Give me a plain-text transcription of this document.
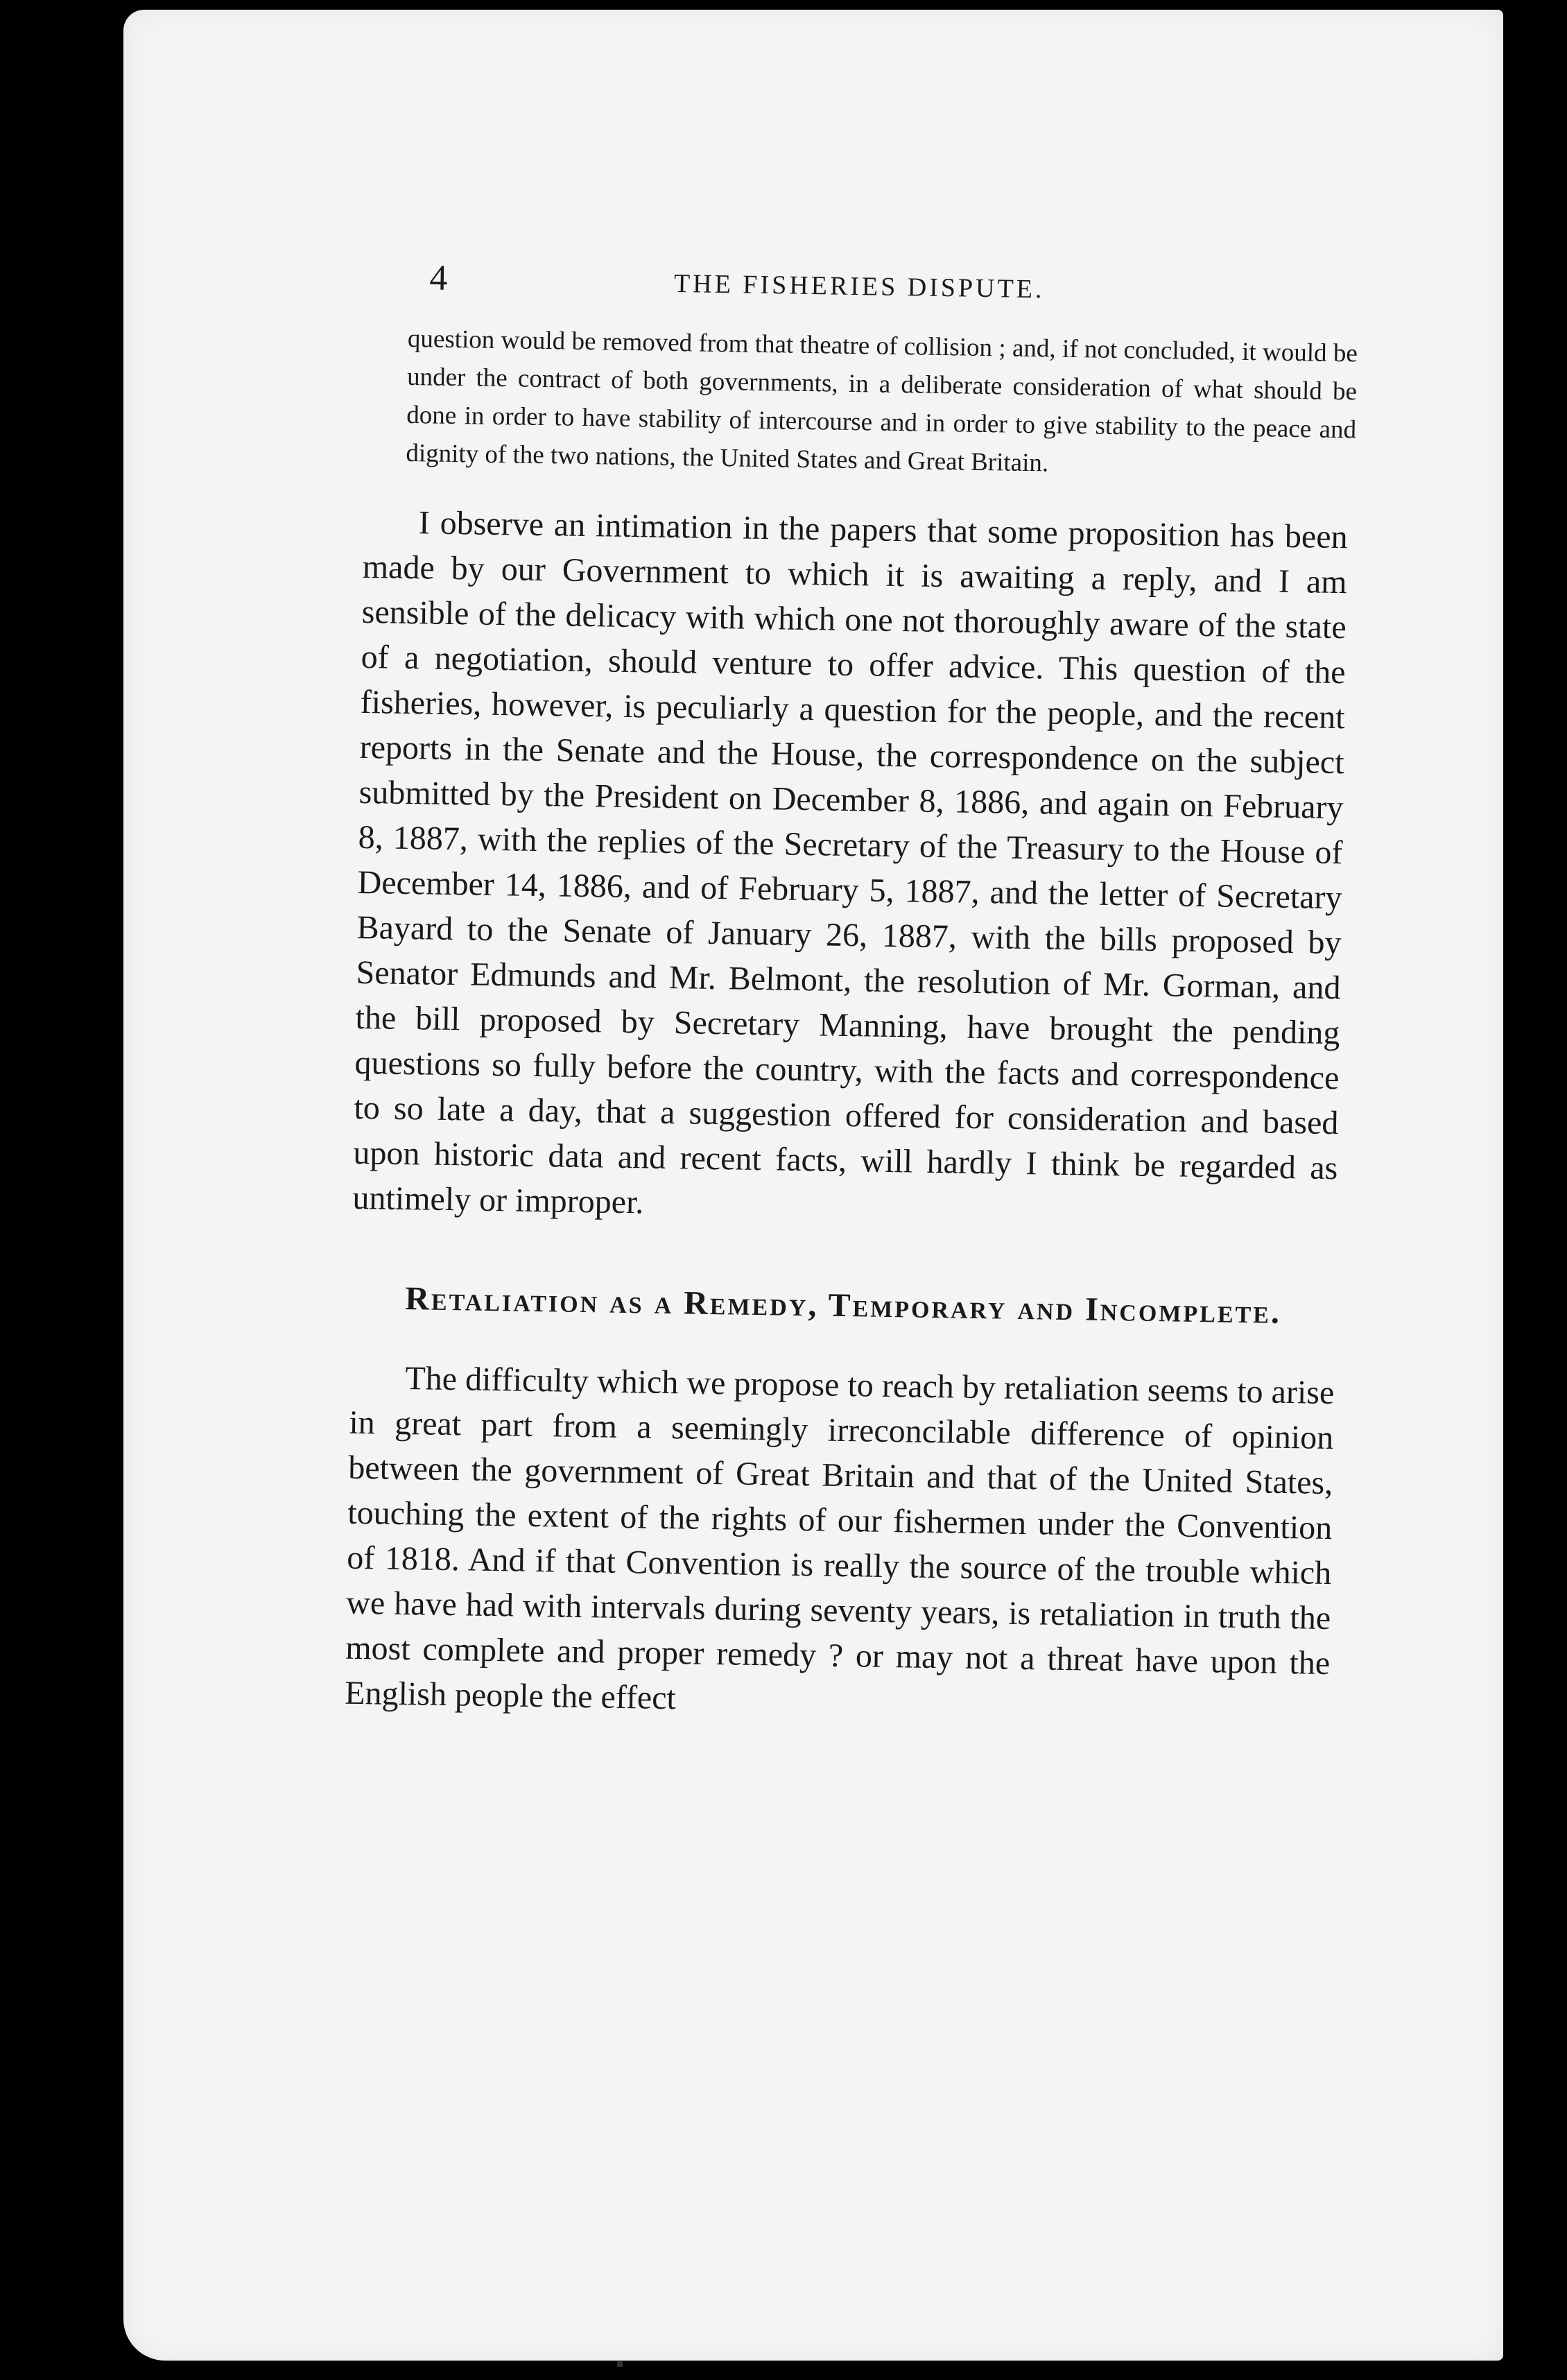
4	THE FISHERIES DISPUTE.

question would be removed from that theatre of collision ; and, if not concluded, it would be under the contract of both governments, in a deliberate consideration of what should be done in order to have stability of intercourse and in order to give stability to the peace and dignity of the two nations, the United States and Great Britain.

I observe an intimation in the papers that some proposition has been made by our Government to which it is awaiting a reply, and I am sensible of the delicacy with which one not thoroughly aware of the state of a negotiation, should venture to offer advice. This question of the fisheries, however, is peculiarly a question for the people, and the recent reports in the Senate and the House, the correspondence on the subject submitted by the President on December 8, 1886, and again on February 8, 1887, with the replies of the Secretary of the Treasury to the House of December 14, 1886, and of February 5, 1887, and the letter of Secretary Bayard to the Senate of January 26, 1887, with the bills proposed by Senator Edmunds and Mr. Belmont, the resolution of Mr. Gorman, and the bill proposed by Secretary Manning, have brought the pending questions so fully before the country, with the facts and correspondence to so late a day, that a suggestion offered for consideration and based upon historic data and recent facts, will hardly I think be regarded as untimely or improper.

Retaliation as a Remedy, Temporary and Incomplete.

The difficulty which we propose to reach by retaliation seems to arise in great part from a seemingly irreconcilable difference of opinion between the government of Great Britain and that of the United States, touching the extent of the rights of our fishermen under the Convention of 1818. And if that Convention is really the source of the trouble which we have had with intervals during seventy years, is retaliation in truth the most complete and proper remedy ? or may not a threat have upon the English people the effect
